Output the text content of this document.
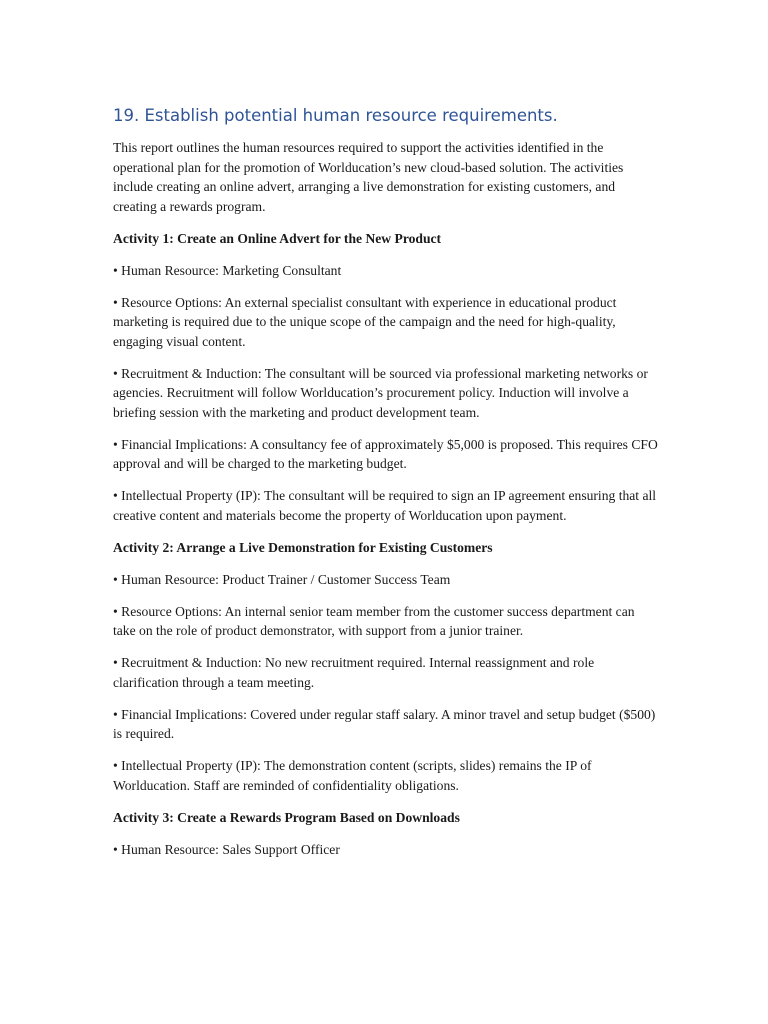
19. Establish potential human resource requirements.

This report outlines the human resources required to support the activities identified in the operational plan for the promotion of Worlducation’s new cloud-based solution. The activities include creating an online advert, arranging a live demonstration for existing customers, and creating a rewards program.

Activity 1: Create an Online Advert for the New Product

• Human Resource: Marketing Consultant

• Resource Options: An external specialist consultant with experience in educational product marketing is required due to the unique scope of the campaign and the need for high-quality, engaging visual content.

• Recruitment & Induction: The consultant will be sourced via professional marketing networks or agencies. Recruitment will follow Worlducation’s procurement policy. Induction will involve a briefing session with the marketing and product development team.

• Financial Implications: A consultancy fee of approximately $5,000 is proposed. This requires CFO approval and will be charged to the marketing budget.

• Intellectual Property (IP): The consultant will be required to sign an IP agreement ensuring that all creative content and materials become the property of Worlducation upon payment.

Activity 2: Arrange a Live Demonstration for Existing Customers

• Human Resource: Product Trainer / Customer Success Team

• Resource Options: An internal senior team member from the customer success department can take on the role of product demonstrator, with support from a junior trainer.

• Recruitment & Induction: No new recruitment required. Internal reassignment and role clarification through a team meeting.

• Financial Implications: Covered under regular staff salary. A minor travel and setup budget ($500) is required.

• Intellectual Property (IP): The demonstration content (scripts, slides) remains the IP of Worlducation. Staff are reminded of confidentiality obligations.

Activity 3: Create a Rewards Program Based on Downloads

• Human Resource: Sales Support Officer
